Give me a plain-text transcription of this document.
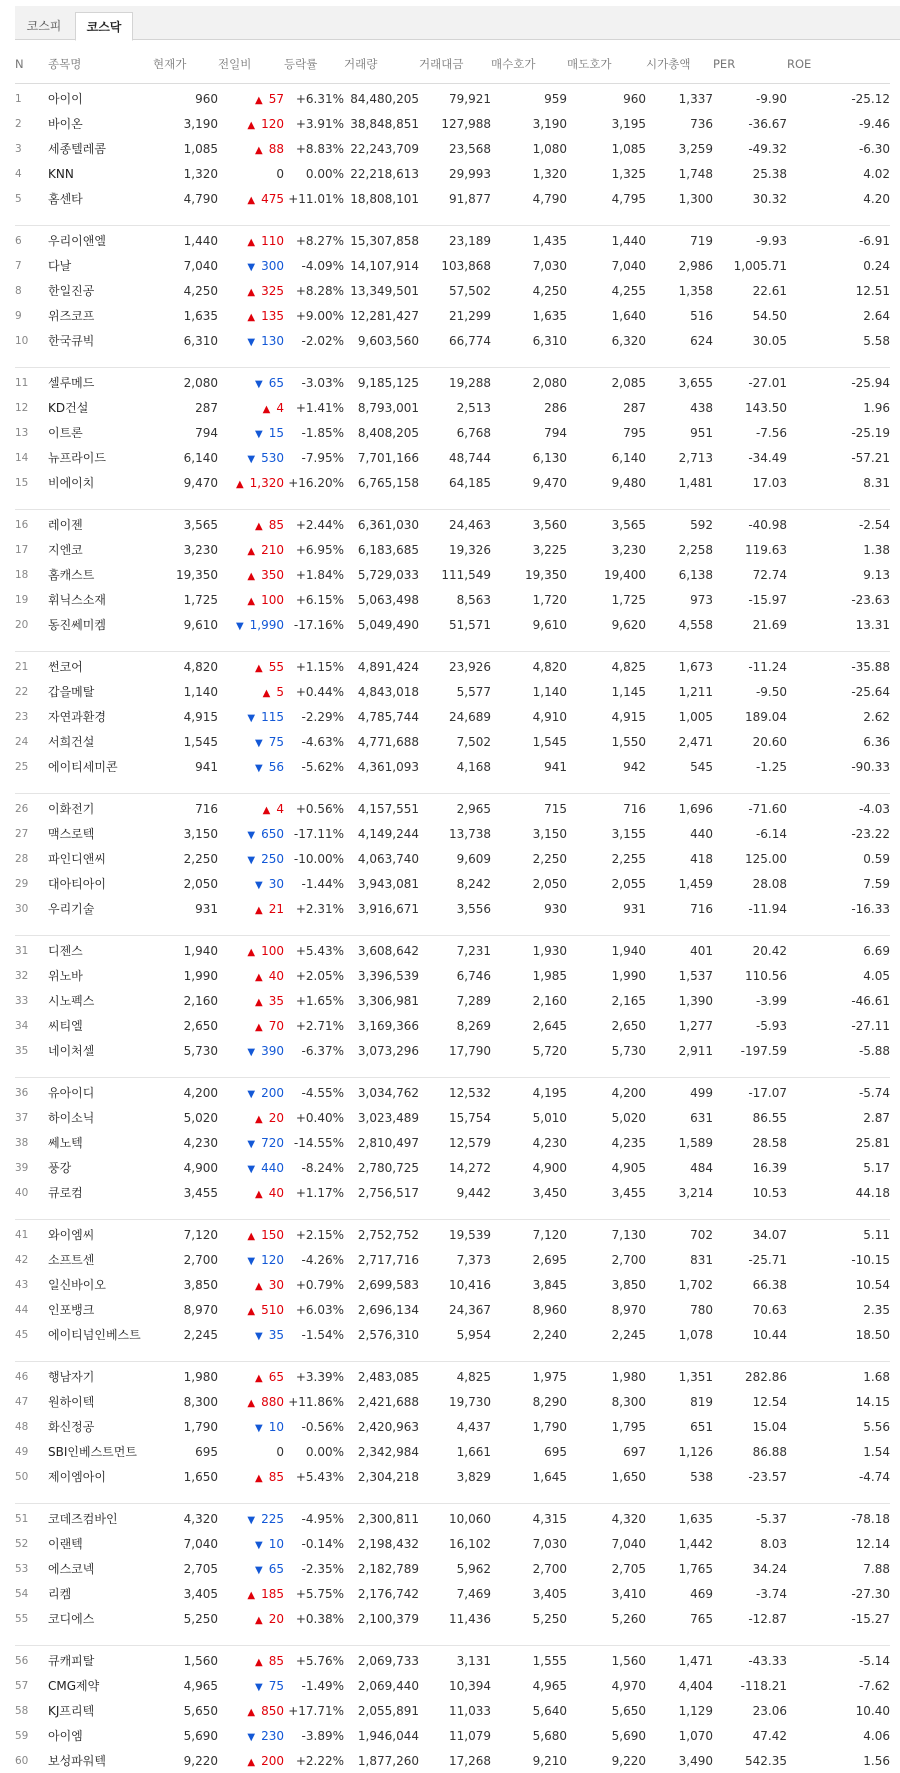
코스피	코스닥
N	종목명	현재가	전일비	등락률	거래량	거래대금	매수호가	매도호가	시가총액	PER	ROE
1	아이이	960	▲ 57	+6.31%	84,480,205	79,921	959	960	1,337	-9.90	-25.12
2	바이온	3,190	▲ 120	+3.91%	38,848,851	127,988	3,190	3,195	736	-36.67	-9.46
3	세종텔레콤	1,085	▲ 88	+8.83%	22,243,709	23,568	1,080	1,085	3,259	-49.32	-6.30
4	KNN	1,320	0	0.00%	22,218,613	29,993	1,320	1,325	1,748	25.38	4.02
5	홈센타	4,790	▲ 475	+11.01%	18,808,101	91,877	4,790	4,795	1,300	30.32	4.20

6	우리이앤엘	1,440	▲ 110	+8.27%	15,307,858	23,189	1,435	1,440	719	-9.93	-6.91
7	다날	7,040	▼ 300	-4.09%	14,107,914	103,868	7,030	7,040	2,986	1,005.71	0.24
8	한일진공	4,250	▲ 325	+8.28%	13,349,501	57,502	4,250	4,255	1,358	22.61	12.51
9	위즈코프	1,635	▲ 135	+9.00%	12,281,427	21,299	1,635	1,640	516	54.50	2.64
10	한국큐빅	6,310	▼ 130	-2.02%	9,603,560	66,774	6,310	6,320	624	30.05	5.58

11	셀루메드	2,080	▼ 65	-3.03%	9,185,125	19,288	2,080	2,085	3,655	-27.01	-25.94
12	KD건설	287	▲ 4	+1.41%	8,793,001	2,513	286	287	438	143.50	1.96
13	이트론	794	▼ 15	-1.85%	8,408,205	6,768	794	795	951	-7.56	-25.19
14	뉴프라이드	6,140	▼ 530	-7.95%	7,701,166	48,744	6,130	6,140	2,713	-34.49	-57.21
15	비에이치	9,470	▲ 1,320	+16.20%	6,765,158	64,185	9,470	9,480	1,481	17.03	8.31

16	레이젠	3,565	▲ 85	+2.44%	6,361,030	24,463	3,560	3,565	592	-40.98	-2.54
17	지엔코	3,230	▲ 210	+6.95%	6,183,685	19,326	3,225	3,230	2,258	119.63	1.38
18	홈캐스트	19,350	▲ 350	+1.84%	5,729,033	111,549	19,350	19,400	6,138	72.74	9.13
19	휘닉스소재	1,725	▲ 100	+6.15%	5,063,498	8,563	1,720	1,725	973	-15.97	-23.63
20	동진쎄미켐	9,610	▼ 1,990	-17.16%	5,049,490	51,571	9,610	9,620	4,558	21.69	13.31

21	썬코어	4,820	▲ 55	+1.15%	4,891,424	23,926	4,820	4,825	1,673	-11.24	-35.88
22	갑을메탈	1,140	▲ 5	+0.44%	4,843,018	5,577	1,140	1,145	1,211	-9.50	-25.64
23	자연과환경	4,915	▼ 115	-2.29%	4,785,744	24,689	4,910	4,915	1,005	189.04	2.62
24	서희건설	1,545	▼ 75	-4.63%	4,771,688	7,502	1,545	1,550	2,471	20.60	6.36
25	에이티세미콘	941	▼ 56	-5.62%	4,361,093	4,168	941	942	545	-1.25	-90.33

26	이화전기	716	▲ 4	+0.56%	4,157,551	2,965	715	716	1,696	-71.60	-4.03
27	맥스로텍	3,150	▼ 650	-17.11%	4,149,244	13,738	3,150	3,155	440	-6.14	-23.22
28	파인디앤씨	2,250	▼ 250	-10.00%	4,063,740	9,609	2,250	2,255	418	125.00	0.59
29	대아티아이	2,050	▼ 30	-1.44%	3,943,081	8,242	2,050	2,055	1,459	28.08	7.59
30	우리기술	931	▲ 21	+2.31%	3,916,671	3,556	930	931	716	-11.94	-16.33

31	디젠스	1,940	▲ 100	+5.43%	3,608,642	7,231	1,930	1,940	401	20.42	6.69
32	위노바	1,990	▲ 40	+2.05%	3,396,539	6,746	1,985	1,990	1,537	110.56	4.05
33	시노펙스	2,160	▲ 35	+1.65%	3,306,981	7,289	2,160	2,165	1,390	-3.99	-46.61
34	씨티엘	2,650	▲ 70	+2.71%	3,169,366	8,269	2,645	2,650	1,277	-5.93	-27.11
35	네이처셀	5,730	▼ 390	-6.37%	3,073,296	17,790	5,720	5,730	2,911	-197.59	-5.88

36	유아이디	4,200	▼ 200	-4.55%	3,034,762	12,532	4,195	4,200	499	-17.07	-5.74
37	하이소닉	5,020	▲ 20	+0.40%	3,023,489	15,754	5,010	5,020	631	86.55	2.87
38	쎄노텍	4,230	▼ 720	-14.55%	2,810,497	12,579	4,230	4,235	1,589	28.58	25.81
39	풍강	4,900	▼ 440	-8.24%	2,780,725	14,272	4,900	4,905	484	16.39	5.17
40	큐로컴	3,455	▲ 40	+1.17%	2,756,517	9,442	3,450	3,455	3,214	10.53	44.18

41	와이엠씨	7,120	▲ 150	+2.15%	2,752,752	19,539	7,120	7,130	702	34.07	5.11
42	소프트센	2,700	▼ 120	-4.26%	2,717,716	7,373	2,695	2,700	831	-25.71	-10.15
43	일신바이오	3,850	▲ 30	+0.79%	2,699,583	10,416	3,845	3,850	1,702	66.38	10.54
44	인포뱅크	8,970	▲ 510	+6.03%	2,696,134	24,367	8,960	8,970	780	70.63	2.35
45	에이티넘인베스트	2,245	▼ 35	-1.54%	2,576,310	5,954	2,240	2,245	1,078	10.44	18.50

46	행남자기	1,980	▲ 65	+3.39%	2,483,085	4,825	1,975	1,980	1,351	282.86	1.68
47	원하이텍	8,300	▲ 880	+11.86%	2,421,688	19,730	8,290	8,300	819	12.54	14.15
48	화신정공	1,790	▼ 10	-0.56%	2,420,963	4,437	1,790	1,795	651	15.04	5.56
49	SBI인베스트먼트	695	0	0.00%	2,342,984	1,661	695	697	1,126	86.88	1.54
50	제이엠아이	1,650	▲ 85	+5.43%	2,304,218	3,829	1,645	1,650	538	-23.57	-4.74

51	코데즈컴바인	4,320	▼ 225	-4.95%	2,300,811	10,060	4,315	4,320	1,635	-5.37	-78.18
52	이랜텍	7,040	▼ 10	-0.14%	2,198,432	16,102	7,030	7,040	1,442	8.03	12.14
53	에스코넥	2,705	▼ 65	-2.35%	2,182,789	5,962	2,700	2,705	1,765	34.24	7.88
54	리켐	3,405	▲ 185	+5.75%	2,176,742	7,469	3,405	3,410	469	-3.74	-27.30
55	코디에스	5,250	▲ 20	+0.38%	2,100,379	11,436	5,250	5,260	765	-12.87	-15.27

56	큐캐피탈	1,560	▲ 85	+5.76%	2,069,733	3,131	1,555	1,560	1,471	-43.33	-5.14
57	CMG제약	4,965	▼ 75	-1.49%	2,069,440	10,394	4,965	4,970	4,404	-118.21	-7.62
58	KJ프리텍	5,650	▲ 850	+17.71%	2,055,891	11,033	5,640	5,650	1,129	23.06	10.40
59	아이엠	5,690	▼ 230	-3.89%	1,946,044	11,079	5,680	5,690	1,070	47.42	4.06
60	보성파워텍	9,220	▲ 200	+2.22%	1,877,260	17,268	9,210	9,220	3,490	542.35	1.56
